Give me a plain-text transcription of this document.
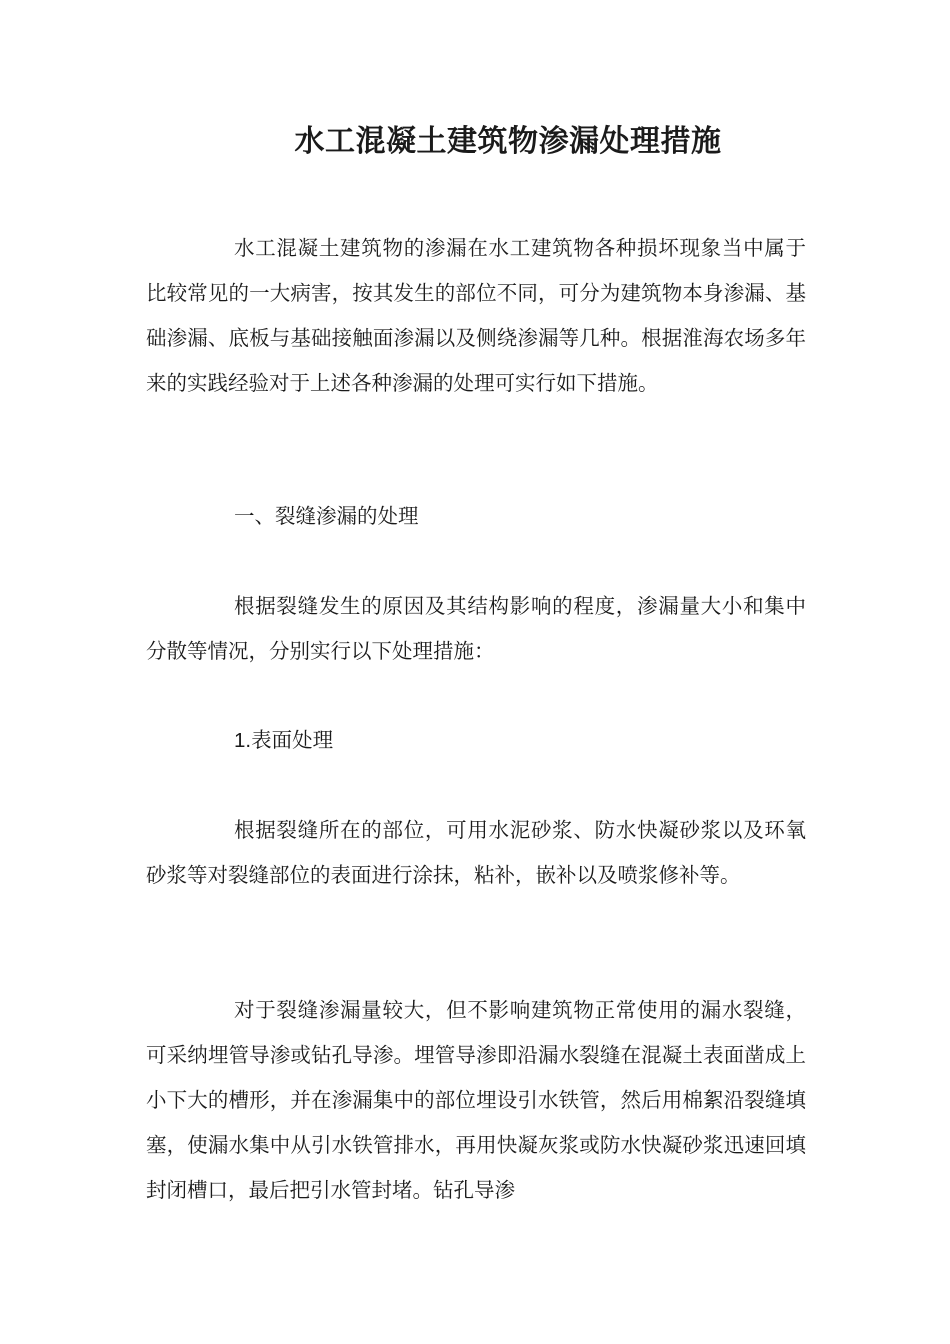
水工混凝土建筑物渗漏处理措施

水工混凝土建筑物的渗漏在水工建筑物各种损坏现象当中属于比较常见的一大病害，按其发生的部位不同，可分为建筑物本身渗漏、基础渗漏、底板与基础接触面渗漏以及侧绕渗漏等几种。根据淮海农场多年来的实践经验对于上述各种渗漏的处理可实行如下措施。

一、裂缝渗漏的处理

根据裂缝发生的原因及其结构影响的程度，渗漏量大小和集中分散等情况，分别实行以下处理措施：

1.表面处理

根据裂缝所在的部位，可用水泥砂浆、防水快凝砂浆以及环氧砂浆等对裂缝部位的表面进行涂抹，粘补，嵌补以及喷浆修补等。

对于裂缝渗漏量较大，但不影响建筑物正常使用的漏水裂缝，可采纳埋管导渗或钻孔导渗。埋管导渗即沿漏水裂缝在混凝土表面凿成上小下大的槽形，并在渗漏集中的部位埋设引水铁管，然后用棉絮沿裂缝填塞，使漏水集中从引水铁管排水，再用快凝灰浆或防水快凝砂浆迅速回填封闭槽口，最后把引水管封堵。钻孔导渗
